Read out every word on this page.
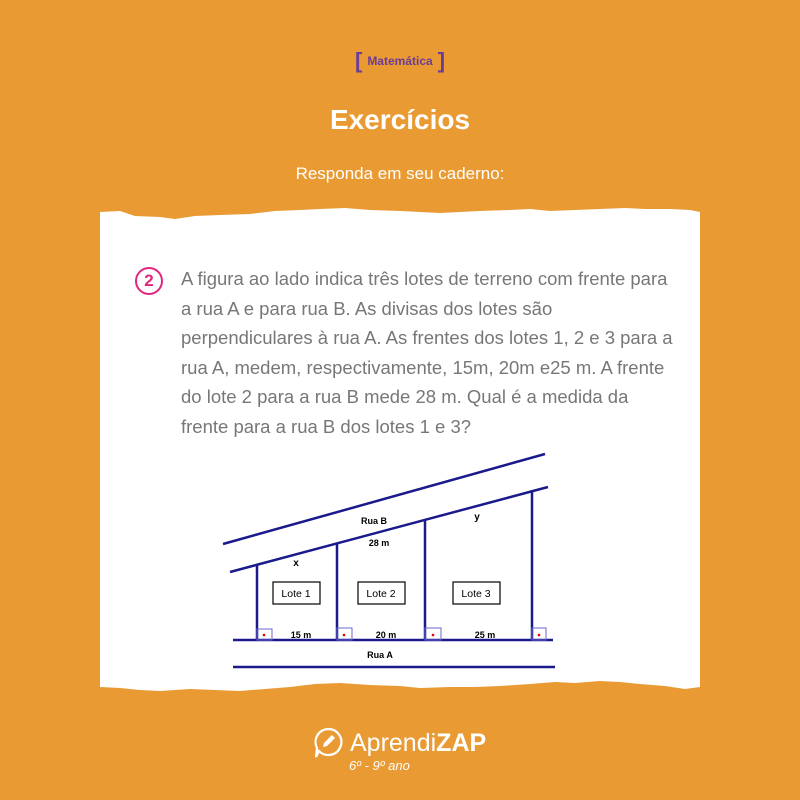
[ Matemática ]
Exercícios
Responda em seu caderno:
2	A figura ao lado indica três lotes de terreno com frente para a rua A e para rua B. As divisas dos lotes são perpendiculares à rua A. As frentes dos lotes 1, 2 e 3 para a rua A, medem, respectivamente, 15m, 20m e25 m. A frente do lote 2 para a rua B mede 28 m. Qual é a medida da frente para a rua B dos lotes 1 e 3?
Lote 1	Lote 2	Lote 3
Rua B
28 m
x
y
15 m	20 m	25 m
Rua A
AprendiZAP
6º - 9º ano
